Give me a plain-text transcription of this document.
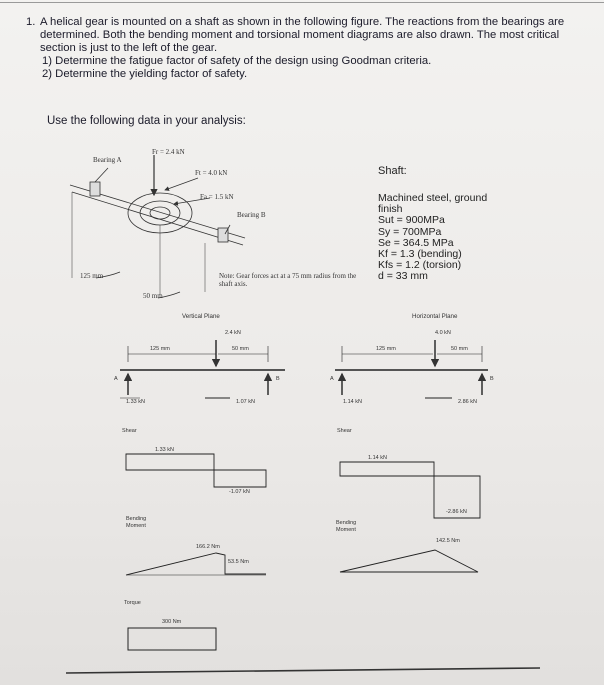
1. A helical gear is mounted on a shaft as shown in the following figure. The reactions from the bearings are determined. Both the bending moment and torsional moment diagrams are also drawn. The most critical section is just to the left of the gear.
1) Determine the fatigue factor of safety of the design using Goodman criteria.
2) Determine the yielding factor of safety.
Use the following data in your analysis:
Shaft:
Machined steel, ground
finish
Sut = 900MPa
Sy = 700MPa
Se = 364.5 MPa
Kf = 1.3 (bending)
Kfs = 1.2 (torsion)
d = 33 mm
Bearing A
Fr = 2.4 kN
Ft = 4.0 kN
Fa = 1.5 kN
Bearing B
125 mm
50 mm
Note: Gear forces act at a 75 mm radius from the shaft axis.
Vertical Plane
2.4 kN
125 mm	50 mm
A	B
1.33 kN	1.07 kN
Shear
1.33 kN
-1.07 kN
Bending
Moment
166.2 Nm
53.5 Nm
Torque
300 Nm
Horizontal Plane
4.0 kN
125 mm	50 mm
A	B
1.14 kN	2.86 kN
Shear
1.14 kN
-2.86 kN
Bending
Moment
142.5 Nm
